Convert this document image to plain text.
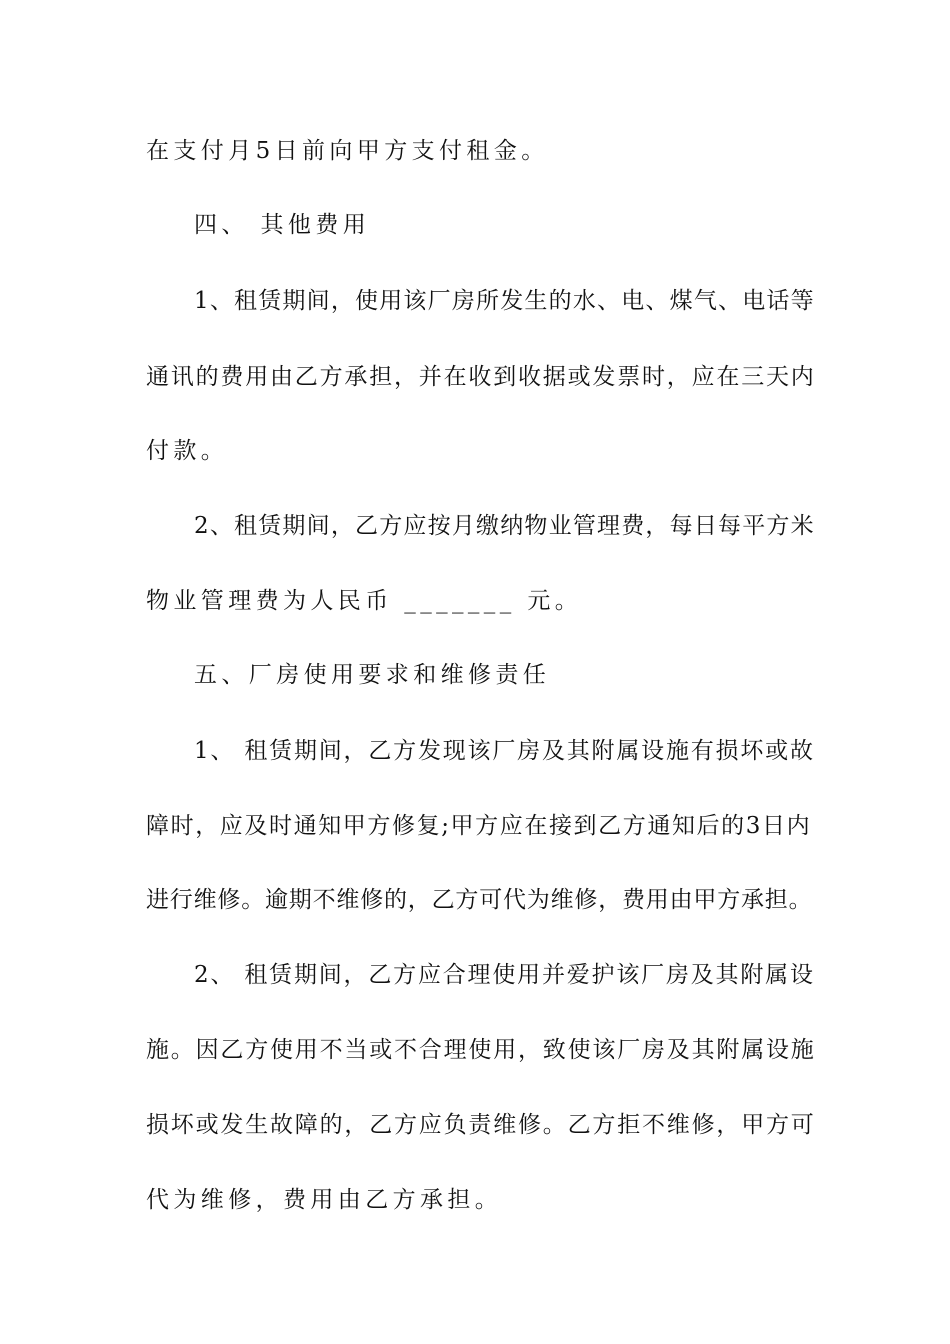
在支付月5日前向甲方支付租金。
四、 其他费用
1、租赁期间，使用该厂房所发生的水、电、煤气、电话等
通讯的费用由乙方承担，并在收到收据或发票时，应在三天内
付款。
2、租赁期间，乙方应按月缴纳物业管理费，每日每平方米
物业管理费为人民币 _______ 元。
五、厂房使用要求和维修责任
1、 租赁期间，乙方发现该厂房及其附属设施有损坏或故
障时，应及时通知甲方修复;甲方应在接到乙方通知后的3日内
进行维修。逾期不维修的，乙方可代为维修，费用由甲方承担。
2、 租赁期间，乙方应合理使用并爱护该厂房及其附属设
施。因乙方使用不当或不合理使用，致使该厂房及其附属设施
损坏或发生故障的，乙方应负责维修。乙方拒不维修，甲方可
代为维修，费用由乙方承担。
